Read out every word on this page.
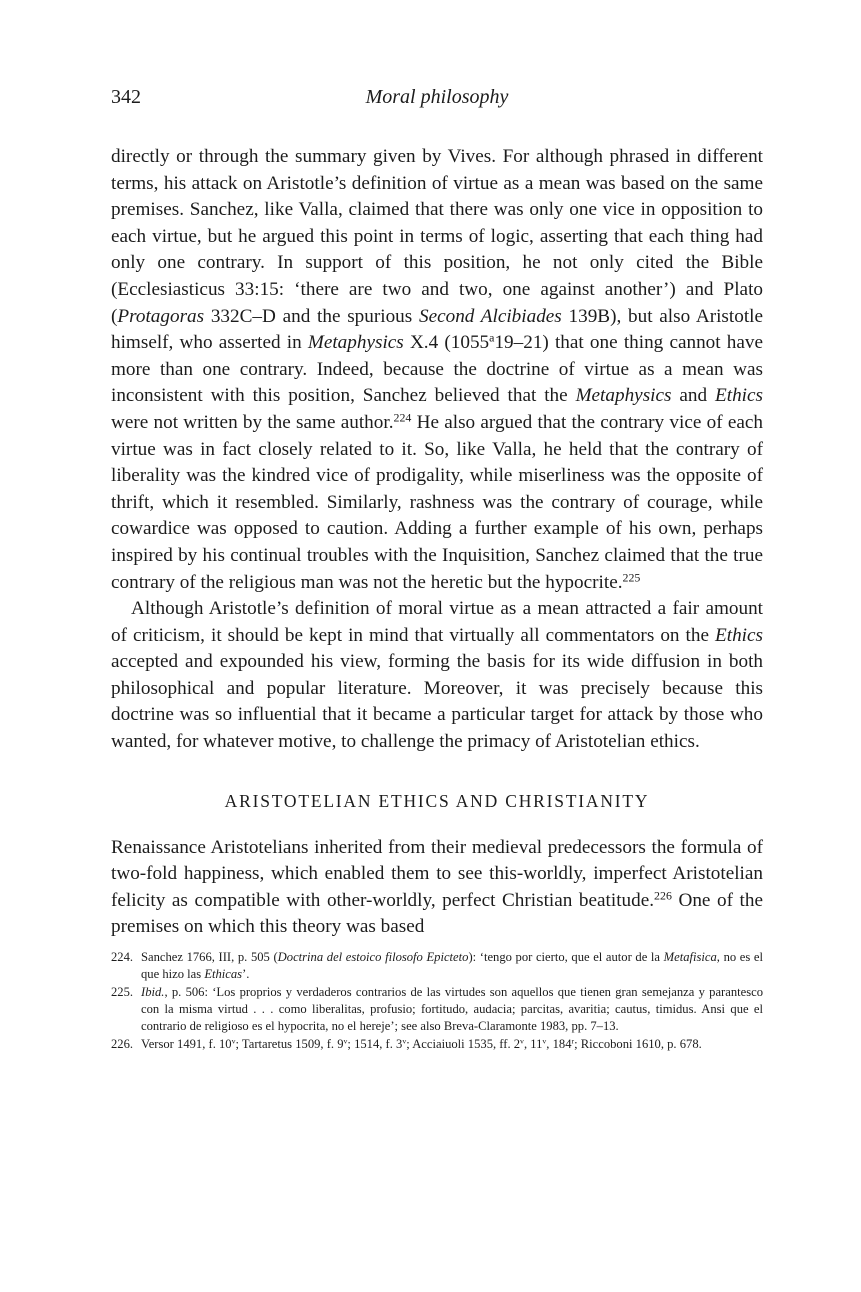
342	Moral philosophy

directly or through the summary given by Vives. For although phrased in different terms, his attack on Aristotle’s definition of virtue as a mean was based on the same premises. Sanchez, like Valla, claimed that there was only one vice in opposition to each virtue, but he argued this point in terms of logic, asserting that each thing had only one contrary. In support of this position, he not only cited the Bible (Ecclesiasticus 33:15: ‘there are two and two, one against another’) and Plato (Protagoras 332C–D and the spurious Second Alcibiades 139B), but also Aristotle himself, who asserted in Metaphysics X.4 (1055$^a$19–21) that one thing cannot have more than one contrary. Indeed, because the doctrine of virtue as a mean was inconsistent with this position, Sanchez believed that the Metaphysics and Ethics were not written by the same author.$^{224}$ He also argued that the contrary vice of each virtue was in fact closely related to it. So, like Valla, he held that the contrary of liberality was the kindred vice of prodigality, while miserliness was the opposite of thrift, which it resembled. Similarly, rashness was the contrary of courage, while cowardice was opposed to caution. Adding a further example of his own, perhaps inspired by his continual troubles with the Inquisition, Sanchez claimed that the true contrary of the religious man was not the heretic but the hypocrite.$^{225}$

Although Aristotle’s definition of moral virtue as a mean attracted a fair amount of criticism, it should be kept in mind that virtually all commentators on the Ethics accepted and expounded his view, forming the basis for its wide diffusion in both philosophical and popular literature. Moreover, it was precisely because this doctrine was so influential that it became a particular target for attack by those who wanted, for whatever motive, to challenge the primacy of Aristotelian ethics.

ARISTOTELIAN ETHICS AND CHRISTIANITY

Renaissance Aristotelians inherited from their medieval predecessors the formula of two-fold happiness, which enabled them to see this-worldly, imperfect Aristotelian felicity as compatible with other-worldly, perfect Christian beatitude.$^{226}$ One of the premises on which this theory was based

224. Sanchez 1766, III, p. 505 (Doctrina del estoico filosofo Epicteto): ‘tengo por cierto, que el autor de la Metafisica, no es el que hizo las Ethicas’.
225. Ibid., p. 506: ‘Los proprios y verdaderos contrarios de las virtudes son aquellos que tienen gran semejanza y parantesco con la misma virtud . . . como liberalitas, profusio; fortitudo, audacia; parcitas, avaritia; cautus, timidus. Ansi que el contrario de religioso es el hypocrita, no el hereje’; see also Breva-Claramonte 1983, pp. 7–13.
226. Versor 1491, f. 10$^v$; Tartaretus 1509, f. 9$^v$; 1514, f. 3$^v$; Acciaiuoli 1535, ff. 2$^v$, 11$^v$, 184$^r$; Riccoboni 1610, p. 678.
